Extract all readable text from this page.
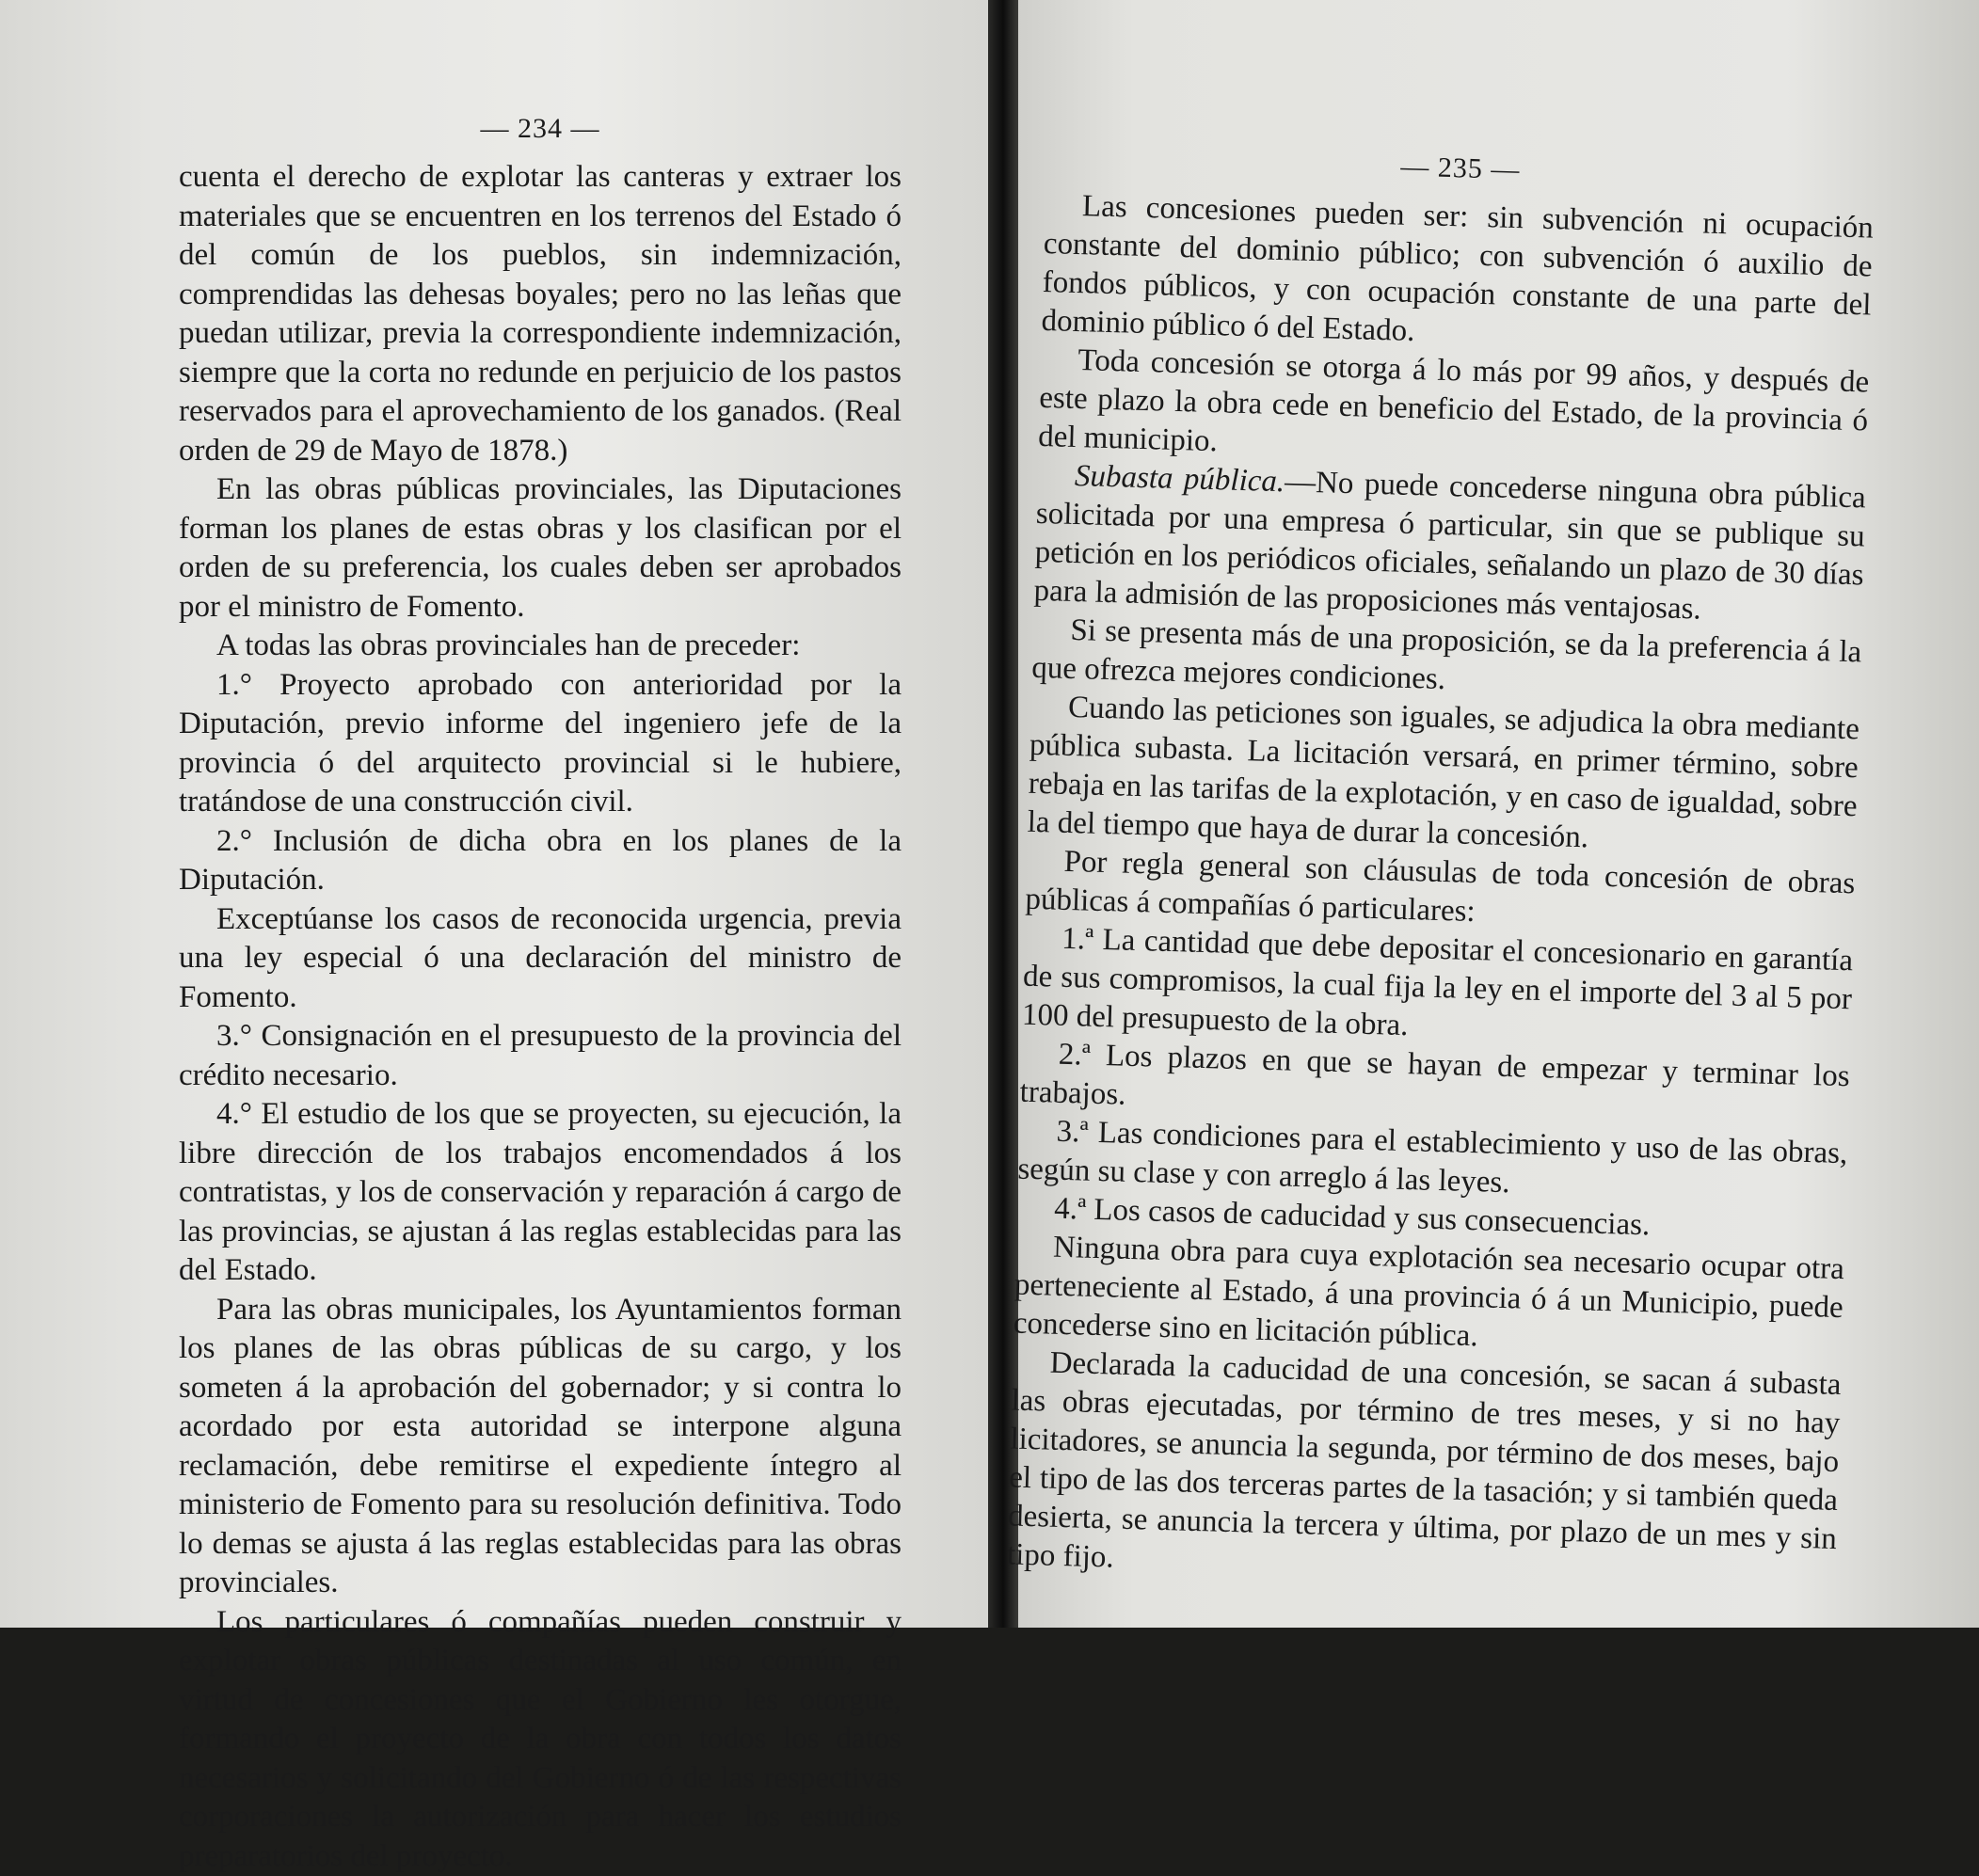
— 234 —

cuenta el derecho de explotar las canteras y extraer los materiales que se encuentren en los terrenos del Estado ó del común de los pueblos, sin indemnización, comprendidas las dehesas boyales; pero no las leñas que puedan utilizar, previa la correspondiente indemnización, siempre que la corta no redunde en perjuicio de los pastos reservados para el aprovechamiento de los ganados. (Real orden de 29 de Mayo de 1878.)

En las obras públicas provinciales, las Diputaciones forman los planes de estas obras y los clasifican por el orden de su preferencia, los cuales deben ser aprobados por el ministro de Fomento.

A todas las obras provinciales han de preceder:

1.° Proyecto aprobado con anterioridad por la Diputación, previo informe del ingeniero jefe de la provincia ó del arquitecto provincial si le hubiere, tratándose de una construcción civil.

2.° Inclusión de dicha obra en los planes de la Diputación.

Exceptúanse los casos de reconocida urgencia, previa una ley especial ó una declaración del ministro de Fomento.

3.° Consignación en el presupuesto de la provincia del crédito necesario.

4.° El estudio de los que se proyecten, su ejecución, la libre dirección de los trabajos encomendados á los contratistas, y los de conservación y reparación á cargo de las provincias, se ajustan á las reglas establecidas para las del Estado.

Para las obras municipales, los Ayuntamientos forman los planes de las obras públicas de su cargo, y los someten á la aprobación del gobernador; y si contra lo acordado por esta autoridad se interpone alguna reclamación, debe remitirse el expediente íntegro al ministerio de Fomento para su resolución definitiva. Todo lo demas se ajusta á las reglas establecidas para las obras provinciales.

Los particulares ó compañías pueden construir y explotar obras públicas destinadas al uso común, en virtud de concesiones que el Gobierno les otorgue, formando el proyecto de la obra con todos los datos necesarios y solicitando del Gobierno ó de las respectivas corporaciones la autorización para hacer los estudios preparatorios del proyecto.

— 235 —

Las concesiones pueden ser: sin subvención ni ocupación constante del dominio público; con subvención ó auxilio de fondos públicos, y con ocupación constante de una parte del dominio público ó del Estado.

Toda concesión se otorga á lo más por 99 años, y después de este plazo la obra cede en beneficio del Estado, de la provincia ó del municipio.

Subasta pública.—No puede concederse ninguna obra pública solicitada por una empresa ó particular, sin que se publique su petición en los periódicos oficiales, señalando un plazo de 30 días para la admisión de las proposiciones más ventajosas.

Si se presenta más de una proposición, se da la preferencia á la que ofrezca mejores condiciones.

Cuando las peticiones son iguales, se adjudica la obra mediante pública subasta. La licitación versará, en primer término, sobre rebaja en las tarifas de la explotación, y en caso de igualdad, sobre la del tiempo que haya de durar la concesión.

Por regla general son cláusulas de toda concesión de obras públicas á compañías ó particulares:

1.ª La cantidad que debe depositar el concesionario en garantía de sus compromisos, la cual fija la ley en el importe del 3 al 5 por 100 del presupuesto de la obra.

2.ª Los plazos en que se hayan de empezar y terminar los trabajos.

3.ª Las condiciones para el establecimiento y uso de las obras, según su clase y con arreglo á las leyes.

4.ª Los casos de caducidad y sus consecuencias.

Ninguna obra para cuya explotación sea necesario ocupar otra perteneciente al Estado, á una provincia ó á un Municipio, puede concederse sino en licitación pública.

Declarada la caducidad de una concesión, se sacan á subasta las obras ejecutadas, por término de tres meses, y si no hay licitadores, se anuncia la segunda, por término de dos meses, bajo el tipo de las dos terceras partes de la tasación; y si también queda desierta, se anuncia la tercera y última, por plazo de un mes y sin tipo fijo.
